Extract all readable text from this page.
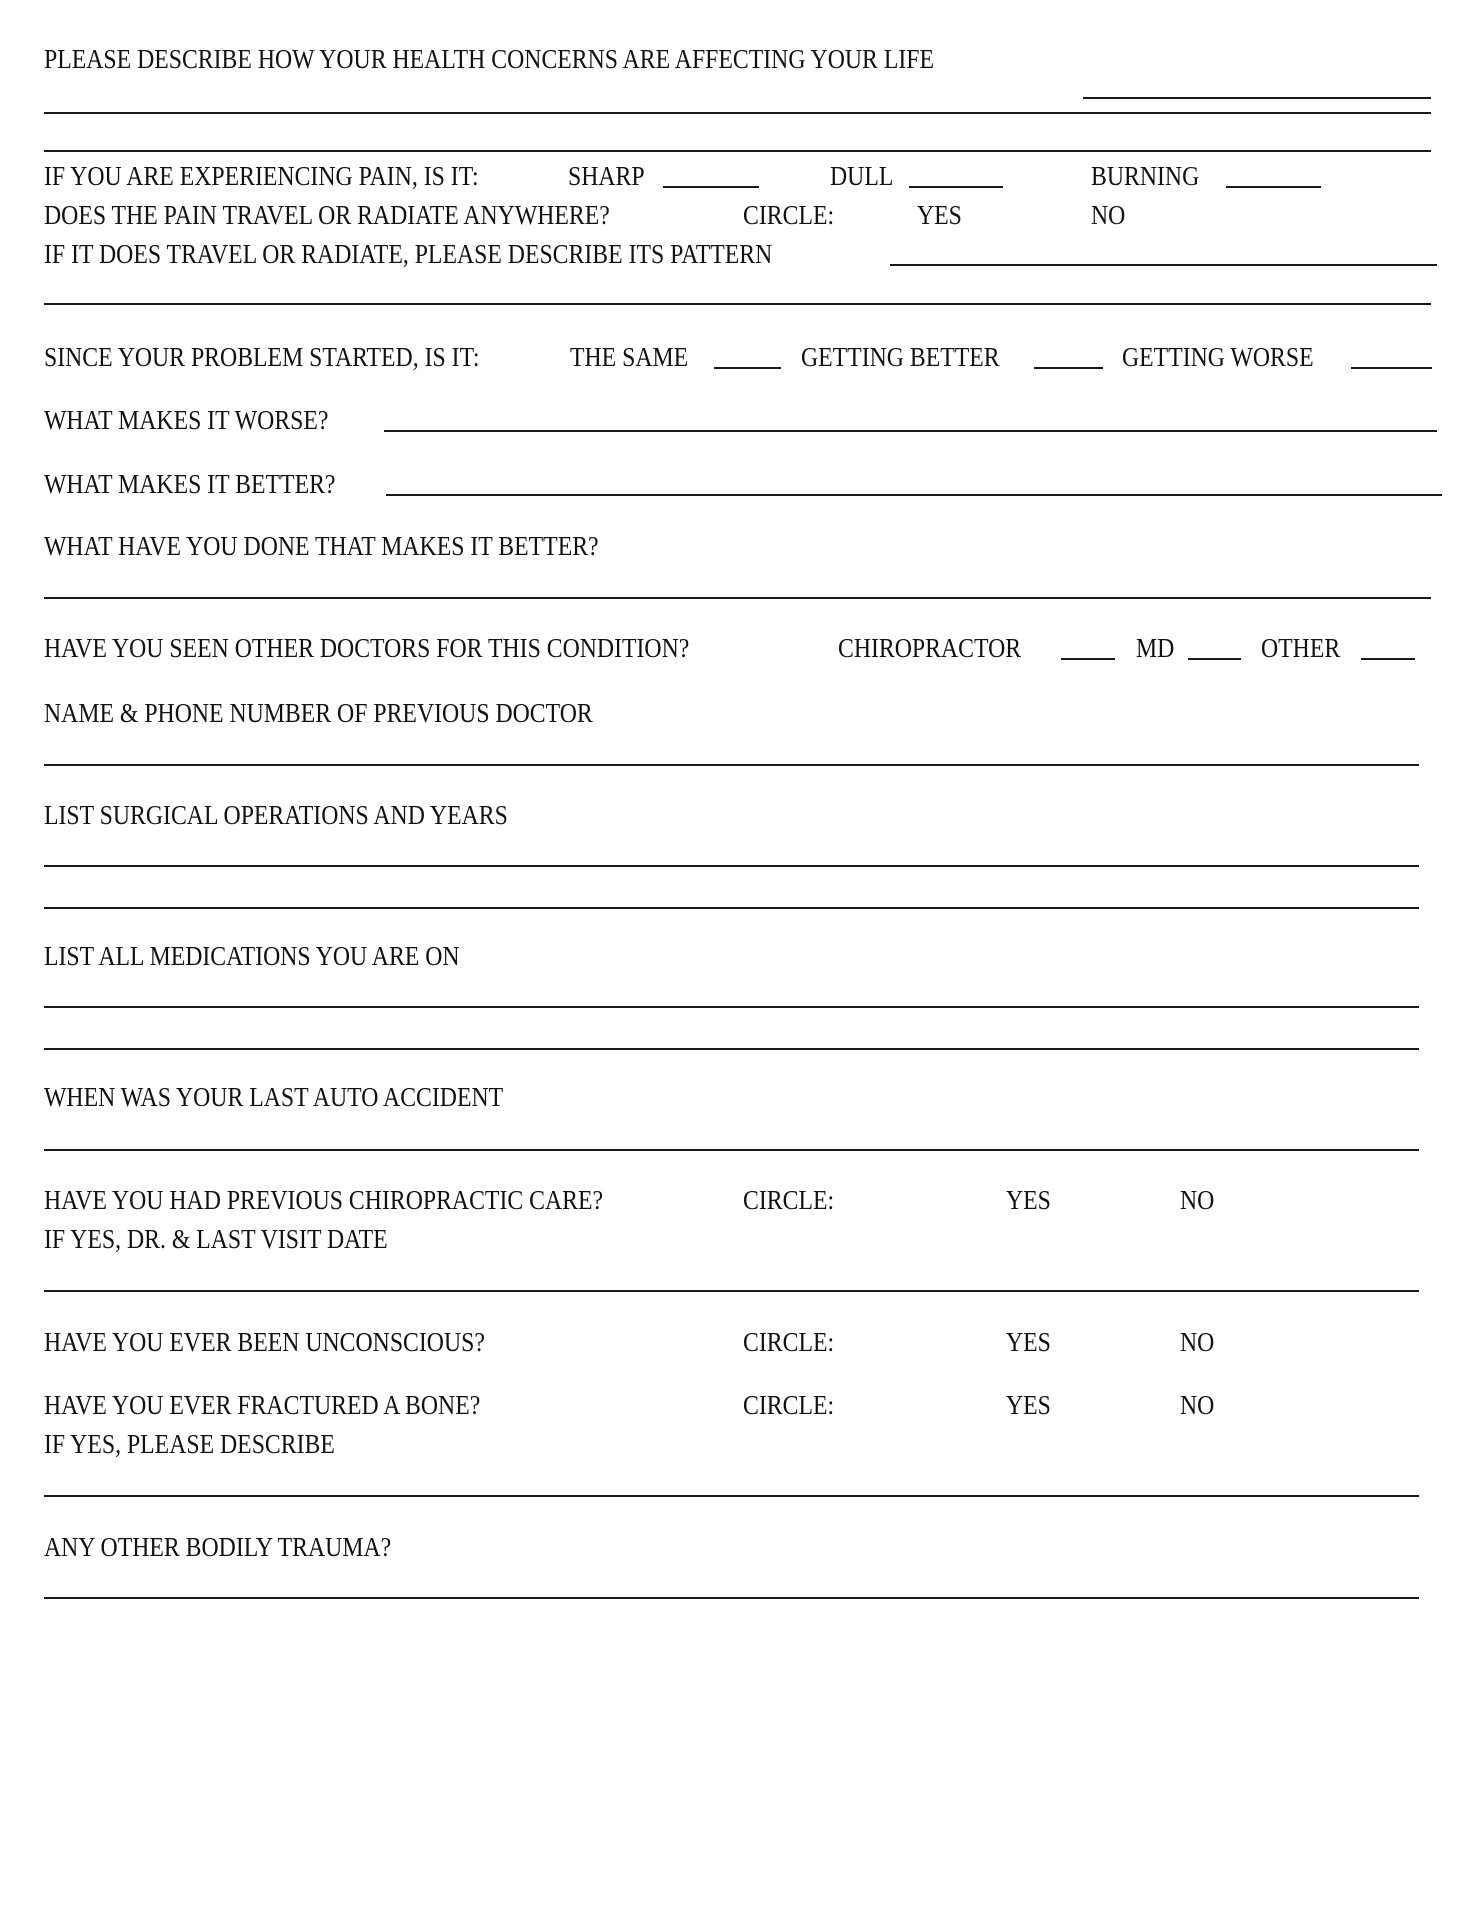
PLEASE DESCRIBE HOW YOUR HEALTH CONCERNS ARE AFFECTING YOUR LIFE
IF YOU ARE EXPERIENCING PAIN, IS IT:	SHARP	DULL	BURNING
DOES THE PAIN TRAVEL OR RADIATE ANYWHERE?	CIRCLE:	YES	NO
IF IT DOES TRAVEL OR RADIATE, PLEASE DESCRIBE ITS PATTERN
SINCE YOUR PROBLEM STARTED, IS IT:	THE SAME	GETTING BETTER	GETTING WORSE
WHAT MAKES IT WORSE?
WHAT MAKES IT BETTER?
WHAT HAVE YOU DONE THAT MAKES IT BETTER?
HAVE YOU SEEN OTHER DOCTORS FOR THIS CONDITION?	CHIROPRACTOR	MD	OTHER
NAME & PHONE NUMBER OF PREVIOUS DOCTOR
LIST SURGICAL OPERATIONS AND YEARS
LIST ALL MEDICATIONS YOU ARE ON
WHEN WAS YOUR LAST AUTO ACCIDENT
HAVE YOU HAD PREVIOUS CHIROPRACTIC CARE?	CIRCLE:	YES	NO
IF YES, DR. & LAST VISIT DATE
HAVE YOU EVER BEEN UNCONSCIOUS?	CIRCLE:	YES	NO
HAVE YOU EVER FRACTURED A BONE?	CIRCLE:	YES	NO
IF YES, PLEASE DESCRIBE
ANY OTHER BODILY TRAUMA?
